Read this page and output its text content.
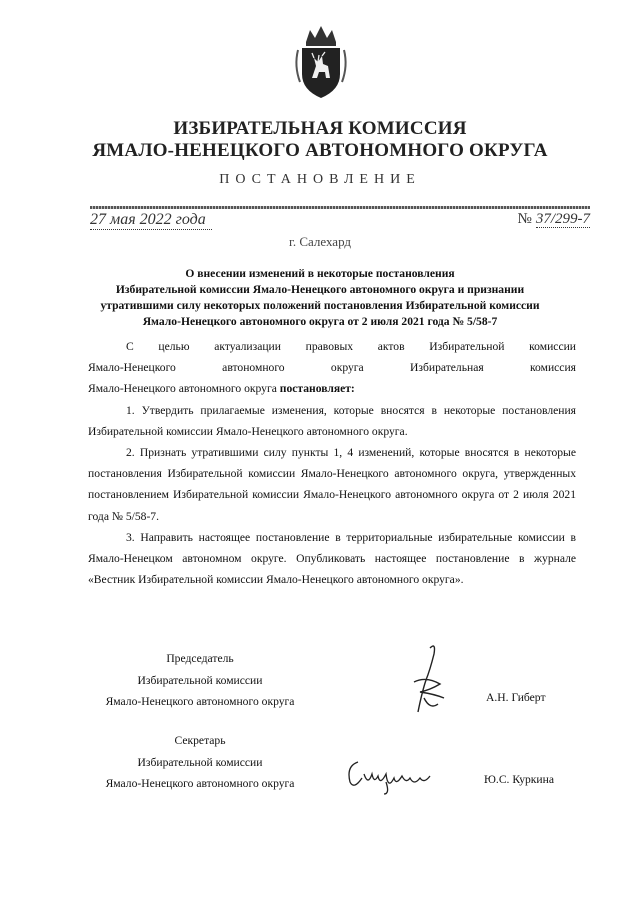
ИЗБИРАТЕЛЬНАЯ КОМИССИЯ
ЯМАЛО-НЕНЕЦКОГО АВТОНОМНОГО ОКРУГА
ПОСТАНОВЛЕНИЕ
27 мая 2022 года	№ 37/299-7
г. Салехард
О внесении изменений в некоторые постановления
Избирательной комиссии Ямало-Ненецкого автономного округа и признании
утратившими силу некоторых положений постановления Избирательной комиссии
Ямало-Ненецкого автономного округа от 2 июля 2021 года № 5/58-7

С целью актуализации правовых актов Избирательной комиссии

Ямало-Ненецкого автономного округа Избирательная комиссия

Ямало-Ненецкого автономного округа постановляет:

1. Утвердить прилагаемые изменения, которые вносятся в некоторые постановления Избирательной комиссии Ямало-Ненецкого автономного округа.

2. Признать утратившими силу пункты 1, 4 изменений, которые вносятся в некоторые постановления Избирательной комиссии Ямало-Ненецкого автономного округа, утвержденных постановлением Избирательной комиссии Ямало-Ненецкого автономного округа от 2 июля 2021 года № 5/58-7.

3. Направить настоящее постановление в территориальные избирательные комиссии в Ямало-Ненецком автономном округе. Опубликовать настоящее постановление в журнале «Вестник Избирательной комиссии Ямало-Ненецкого автономного округа».

Председатель
Избирательной комиссии
Ямало-Ненецкого автономного округа	А.Н. Гиберт
Секретарь
Избирательной комиссии
Ямало-Ненецкого автономного округа	Ю.С. Куркина
